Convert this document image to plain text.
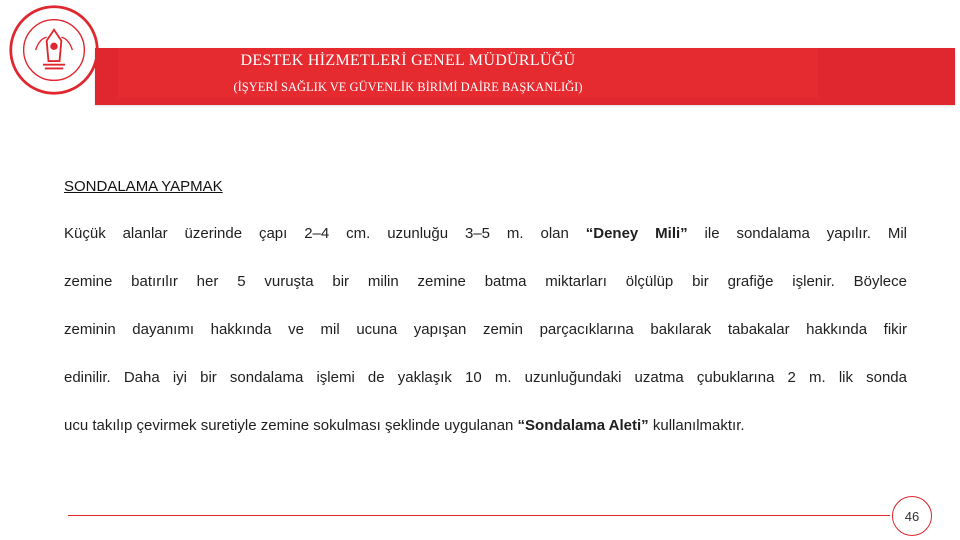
DESTEK HİZMETLERİ GENEL MÜDÜRLÜĞÜ
(İŞYERİ SAĞLIK VE GÜVENLİK BİRİMİ DAİRE BAŞKANLIĞI)
SONDALAMA YAPMAK
Küçük alanlar üzerinde çapı 2–4 cm. uzunluğu 3–5 m. olan “Deney Mili” ile sondalama yapılır. Mil
zemine batırılır her 5 vuruşta bir milin zemine batma miktarları ölçülüp bir grafiğe işlenir. Böylece
zeminin dayanımı hakkında ve mil ucuna yapışan zemin parçacıklarına bakılarak tabakalar hakkında fikir
edinilir. Daha iyi bir sondalama işlemi de yaklaşık 10 m. uzunluğundaki uzatma çubuklarına 2 m. lik sonda
ucu takılıp çevirmek suretiyle zemine sokulması şeklinde uygulanan “Sondalama Aleti” kullanılmaktır.
46
